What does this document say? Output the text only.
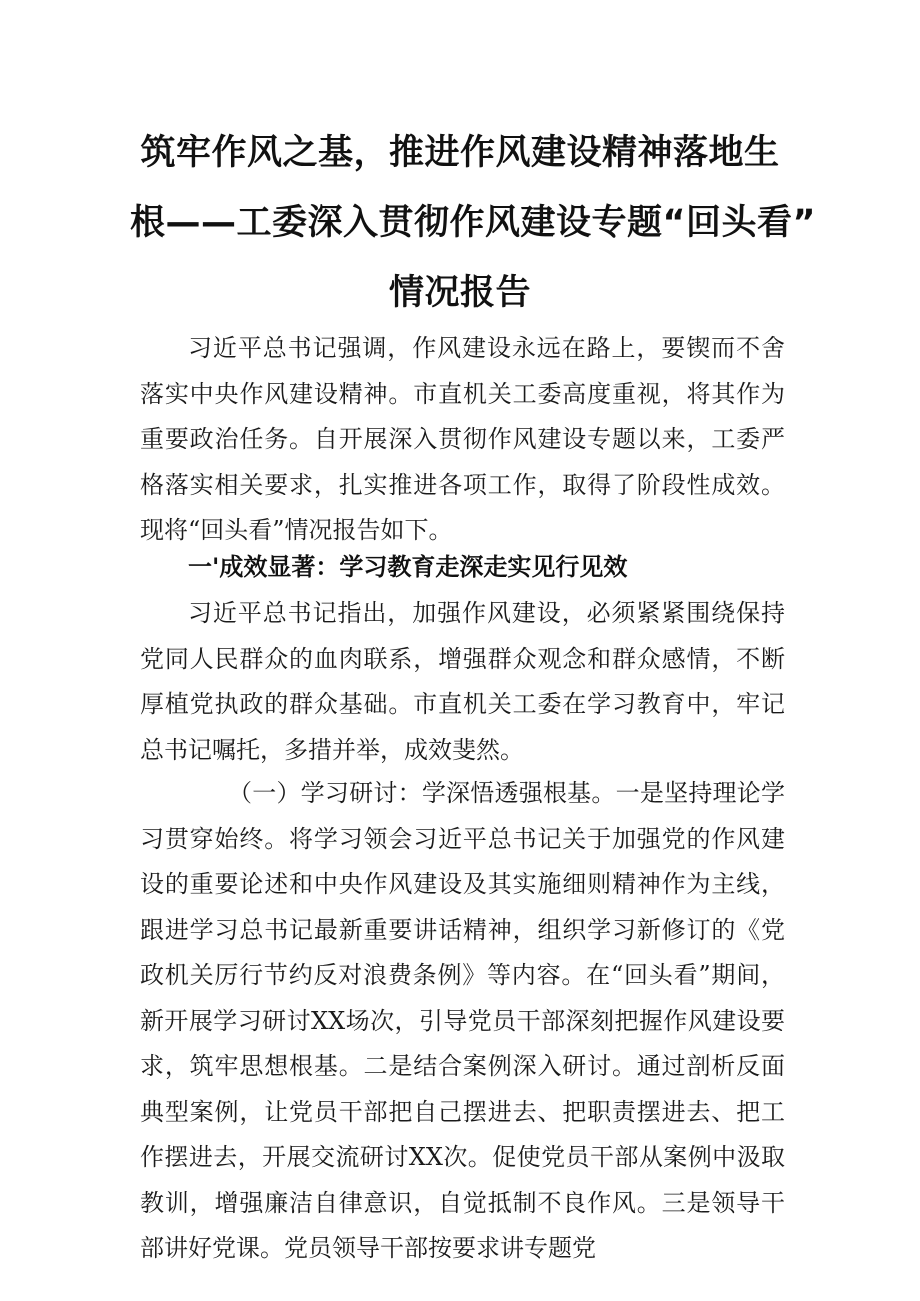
筑牢作风之基，推进作风建设精神落地生
根——工委深入贯彻作风建设专题“回头看”
情况报告

习近平总书记强调，作风建设永远在路上，要锲而不舍落实中央作风建设精神。市直机关工委高度重视，将其作为重要政治任务。自开展深入贯彻作风建设专题以来，工委严格落实相关要求，扎实推进各项工作，取得了阶段性成效。现将“回头看”情况报告如下。

一'成效显著：学习教育走深走实见行见效

习近平总书记指出，加强作风建设，必须紧紧围绕保持党同人民群众的血肉联系，增强群众观念和群众感情，不断厚植党执政的群众基础。市直机关工委在学习教育中，牢记总书记嘱托，多措并举，成效斐然。

（一）学习研讨：学深悟透强根基。一是坚持理论学习贯穿始终。将学习领会习近平总书记关于加强党的作风建设的重要论述和中央作风建设及其实施细则精神作为主线，跟进学习总书记最新重要讲话精神，组织学习新修订的《党政机关厉行节约反对浪费条例》等内容。在“回头看”期间，新开展学习研讨XX场次，引导党员干部深刻把握作风建设要求，筑牢思想根基。二是结合案例深入研讨。通过剖析反面典型案例，让党员干部把自己摆进去、把职责摆进去、把工作摆进去，开展交流研讨XX次。促使党员干部从案例中汲取教训，增强廉洁自律意识，自觉抵制不良作风。三是领导干部讲好党课。党员领导干部按要求讲专题党
